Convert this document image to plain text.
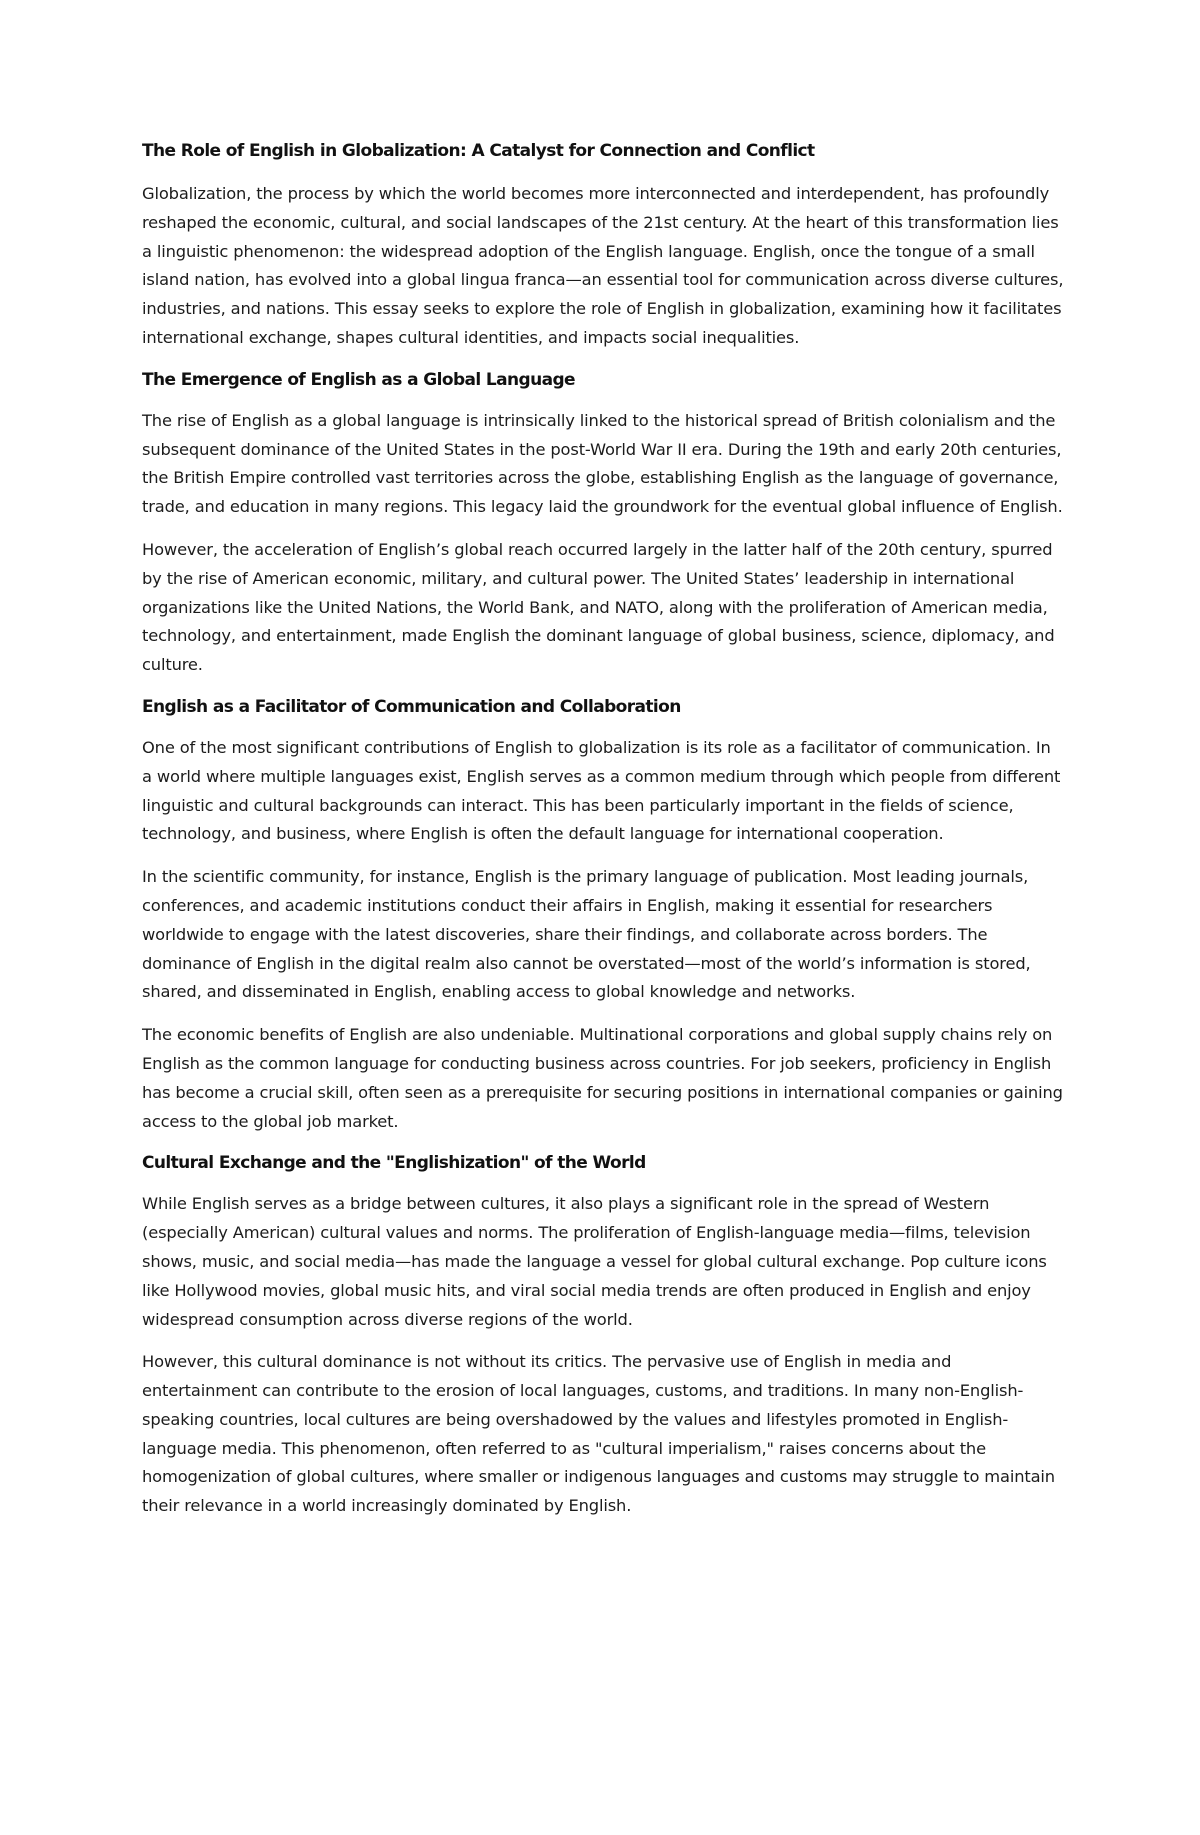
The Role of English in Globalization: A Catalyst for Connection and Conflict

Globalization, the process by which the world becomes more interconnected and interdependent, has profoundly reshaped the economic, cultural, and social landscapes of the 21st century. At the heart of this transformation lies a linguistic phenomenon: the widespread adoption of the English language. English, once the tongue of a small island nation, has evolved into a global lingua franca—an essential tool for communication across diverse cultures, industries, and nations. This essay seeks to explore the role of English in globalization, examining how it facilitates international exchange, shapes cultural identities, and impacts social inequalities.

The Emergence of English as a Global Language

The rise of English as a global language is intrinsically linked to the historical spread of British colonialism and the subsequent dominance of the United States in the post-World War II era. During the 19th and early 20th centuries, the British Empire controlled vast territories across the globe, establishing English as the language of governance, trade, and education in many regions. This legacy laid the groundwork for the eventual global influence of English.

However, the acceleration of English’s global reach occurred largely in the latter half of the 20th century, spurred by the rise of American economic, military, and cultural power. The United States’ leadership in international organizations like the United Nations, the World Bank, and NATO, along with the proliferation of American media, technology, and entertainment, made English the dominant language of global business, science, diplomacy, and culture.

English as a Facilitator of Communication and Collaboration

One of the most significant contributions of English to globalization is its role as a facilitator of communication. In a world where multiple languages exist, English serves as a common medium through which people from different linguistic and cultural backgrounds can interact. This has been particularly important in the fields of science, technology, and business, where English is often the default language for international cooperation.

In the scientific community, for instance, English is the primary language of publication. Most leading journals, conferences, and academic institutions conduct their affairs in English, making it essential for researchers worldwide to engage with the latest discoveries, share their findings, and collaborate across borders. The dominance of English in the digital realm also cannot be overstated—most of the world’s information is stored, shared, and disseminated in English, enabling access to global knowledge and networks.

The economic benefits of English are also undeniable. Multinational corporations and global supply chains rely on English as the common language for conducting business across countries. For job seekers, proficiency in English has become a crucial skill, often seen as a prerequisite for securing positions in international companies or gaining access to the global job market.

Cultural Exchange and the "Englishization" of the World

While English serves as a bridge between cultures, it also plays a significant role in the spread of Western (especially American) cultural values and norms. The proliferation of English-language media—films, television shows, music, and social media—has made the language a vessel for global cultural exchange. Pop culture icons like Hollywood movies, global music hits, and viral social media trends are often produced in English and enjoy widespread consumption across diverse regions of the world.

However, this cultural dominance is not without its critics. The pervasive use of English in media and entertainment can contribute to the erosion of local languages, customs, and traditions. In many non-English-speaking countries, local cultures are being overshadowed by the values and lifestyles promoted in English-language media. This phenomenon, often referred to as "cultural imperialism," raises concerns about the homogenization of global cultures, where smaller or indigenous languages and customs may struggle to maintain their relevance in a world increasingly dominated by English.
